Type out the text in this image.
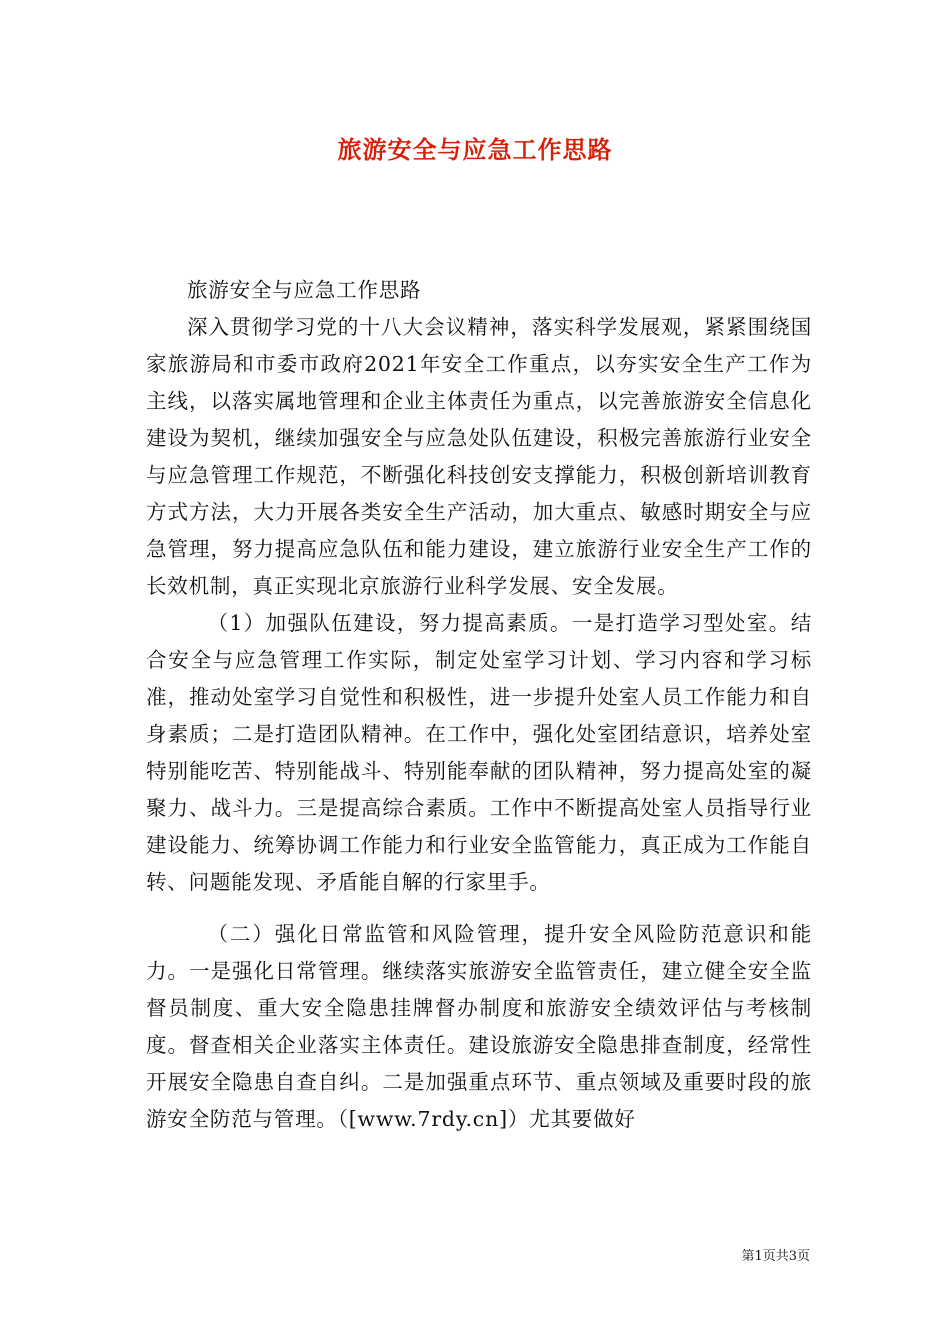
旅游安全与应急工作思路

旅游安全与应急工作思路

深入贯彻学习党的十八大会议精神，落实科学发展观，紧紧围绕国家旅游局和市委市政府2021年安全工作重点，以夯实安全生产工作为主线，以落实属地管理和企业主体责任为重点，以完善旅游安全信息化建设为契机，继续加强安全与应急处队伍建设，积极完善旅游行业安全与应急管理工作规范，不断强化科技创安支撑能力，积极创新培训教育方式方法，大力开展各类安全生产活动，加大重点、敏感时期安全与应急管理，努力提高应急队伍和能力建设，建立旅游行业安全生产工作的长效机制，真正实现北京旅游行业科学发展、安全发展。

（1）加强队伍建设，努力提高素质。一是打造学习型处室。结合安全与应急管理工作实际，制定处室学习计划、学习内容和学习标准，推动处室学习自觉性和积极性，进一步提升处室人员工作能力和自身素质；二是打造团队精神。在工作中，强化处室团结意识，培养处室特别能吃苦、特别能战斗、特别能奉献的团队精神，努力提高处室的凝聚力、战斗力。三是提高综合素质。工作中不断提高处室人员指导行业建设能力、统筹协调工作能力和行业安全监管能力，真正成为工作能自转、问题能发现、矛盾能自解的行家里手。

（二）强化日常监管和风险管理，提升安全风险防范意识和能力。一是强化日常管理。继续落实旅游安全监管责任，建立健全安全监督员制度、重大安全隐患挂牌督办制度和旅游安全绩效评估与考核制度。督查相关企业落实主体责任。建设旅游安全隐患排查制度，经常性开展安全隐患自查自纠。二是加强重点环节、重点领域及重要时段的旅游安全防范与管理。（[www.7rdy.cn]）尤其要做好

第1页共3页
